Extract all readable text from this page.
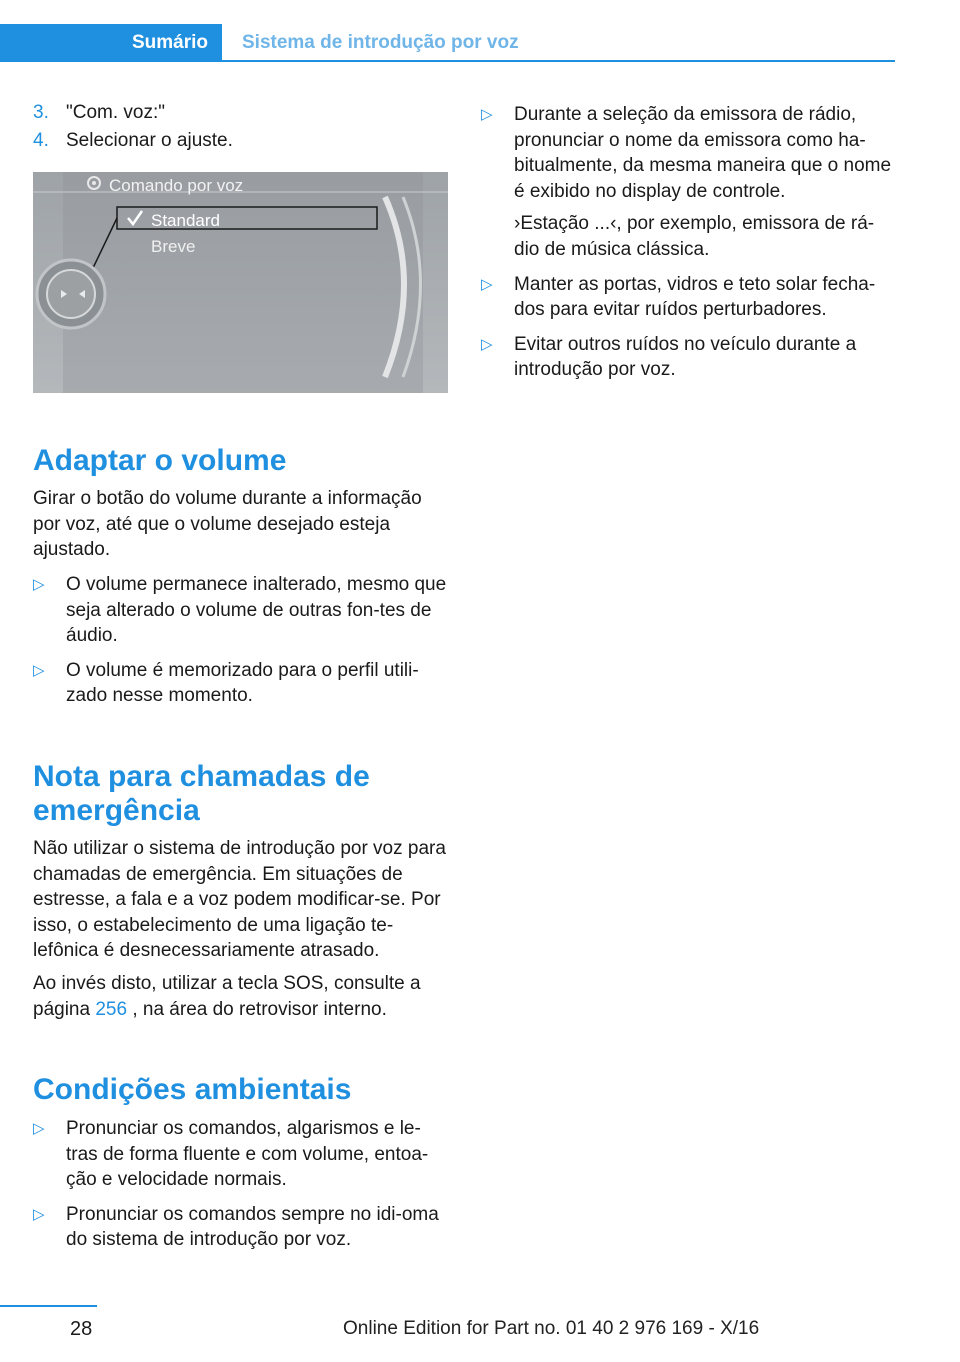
Sumário	Sistema de introdução por voz
3. "Com. voz:"
4. Selecionar o ajuste.
Comando por voz
Standard
Breve
Adaptar o volume

Girar o botão do volume durante a informação por voz, até que o volume desejado esteja ajustado.

▷	O volume permanece inalterado, mesmo que seja alterado o volume de outras fon-tes de áudio.
▷	O volume é memorizado para o perfil utili-zado nesse momento.
Nota para chamadas de emergência

Não utilizar o sistema de introdução por voz para chamadas de emergência. Em situações de estresse, a fala e a voz podem modificar-se. Por isso, o estabelecimento de uma ligação te-lefônica é desnecessariamente atrasado.

Ao invés disto, utilizar a tecla SOS, consulte a página 256 , na área do retrovisor interno.

Condições ambientais
▷	Pronunciar os comandos, algarismos e le-tras de forma fluente e com volume, entoa-ção e velocidade normais.
▷	Pronunciar os comandos sempre no idi-oma do sistema de introdução por voz.
▷	Durante a seleção da emissora de rádio, pronunciar o nome da emissora como ha-bitualmente, da mesma maneira que o nome é exibido no display de controle.
›Estação ...‹, por exemplo, emissora de rá-dio de música clássica.
▷	Manter as portas, vidros e teto solar fecha-dos para evitar ruídos perturbadores.
▷	Evitar outros ruídos no veículo durante a introdução por voz.
28	Online Edition for Part no. 01 40 2 976 169 - X/16
